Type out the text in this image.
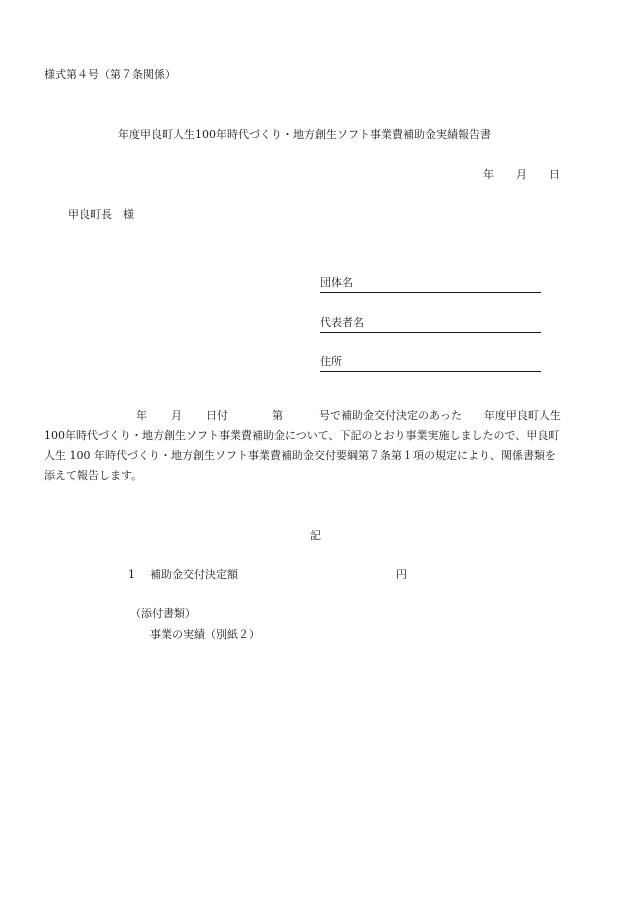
様式第４号（第７条関係）
年度甲良町人生100年時代づくり・地方創生ソフト事業費補助金実績報告書
年 月 日
甲良町長　様
団体名
代表者名
住所
年 月 日付	第	号で補助金交付決定のあった 年度甲良町人生
100年時代づくり・地方創生ソフト事業費補助金について、下記のとおり事業実施しましたので、甲良町
人生 100 年時代づくり・地方創生ソフト事業費補助金交付要綱第７条第１項の規定により、関係書類を
添えて報告します。
記
1 補助金交付決定額	円
（添付書類）
事業の実績（別紙２）
